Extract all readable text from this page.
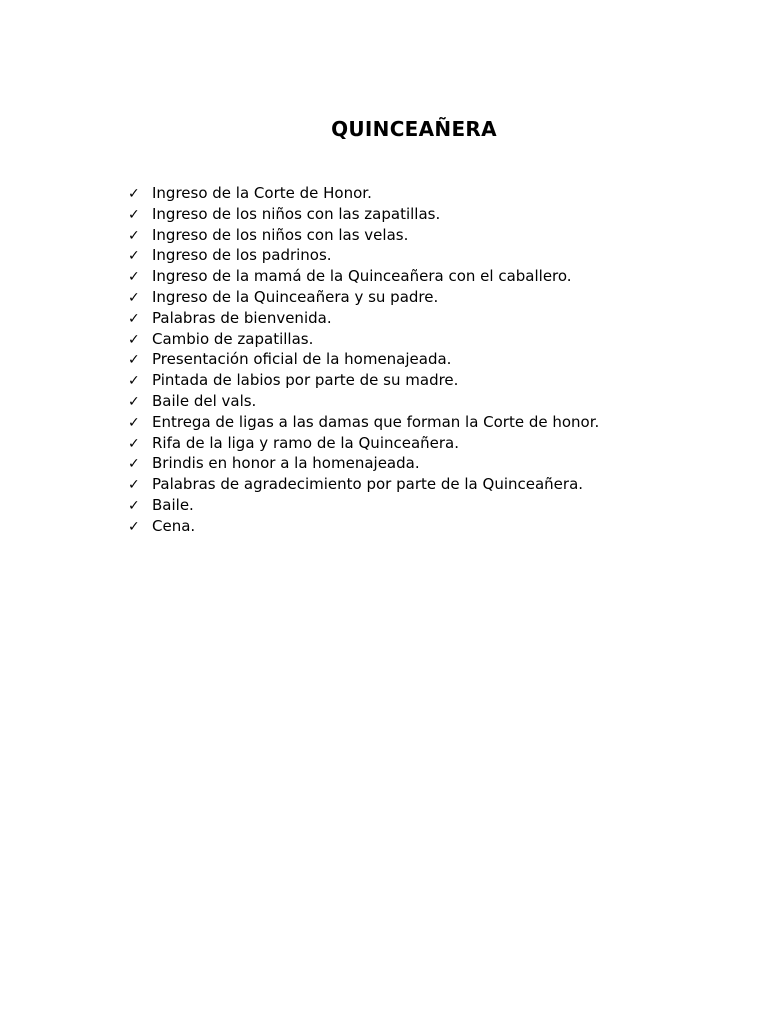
QUINCEAÑERA
✓ Ingreso de la Corte de Honor.
✓ Ingreso de los niños con las zapatillas.
✓ Ingreso de los niños con las velas.
✓ Ingreso de los padrinos.
✓ Ingreso de la mamá de la Quinceañera con el caballero.
✓ Ingreso de la Quinceañera y su padre.
✓ Palabras de bienvenida.
✓ Cambio de zapatillas.
✓ Presentación oficial de la homenajeada.
✓ Pintada de labios por parte de su madre.
✓ Baile del vals.
✓ Entrega de ligas a las damas que forman la Corte de honor.
✓ Rifa de la liga y ramo de la Quinceañera.
✓ Brindis en honor a la homenajeada.
✓ Palabras de agradecimiento por parte de la Quinceañera.
✓ Baile.
✓ Cena.
